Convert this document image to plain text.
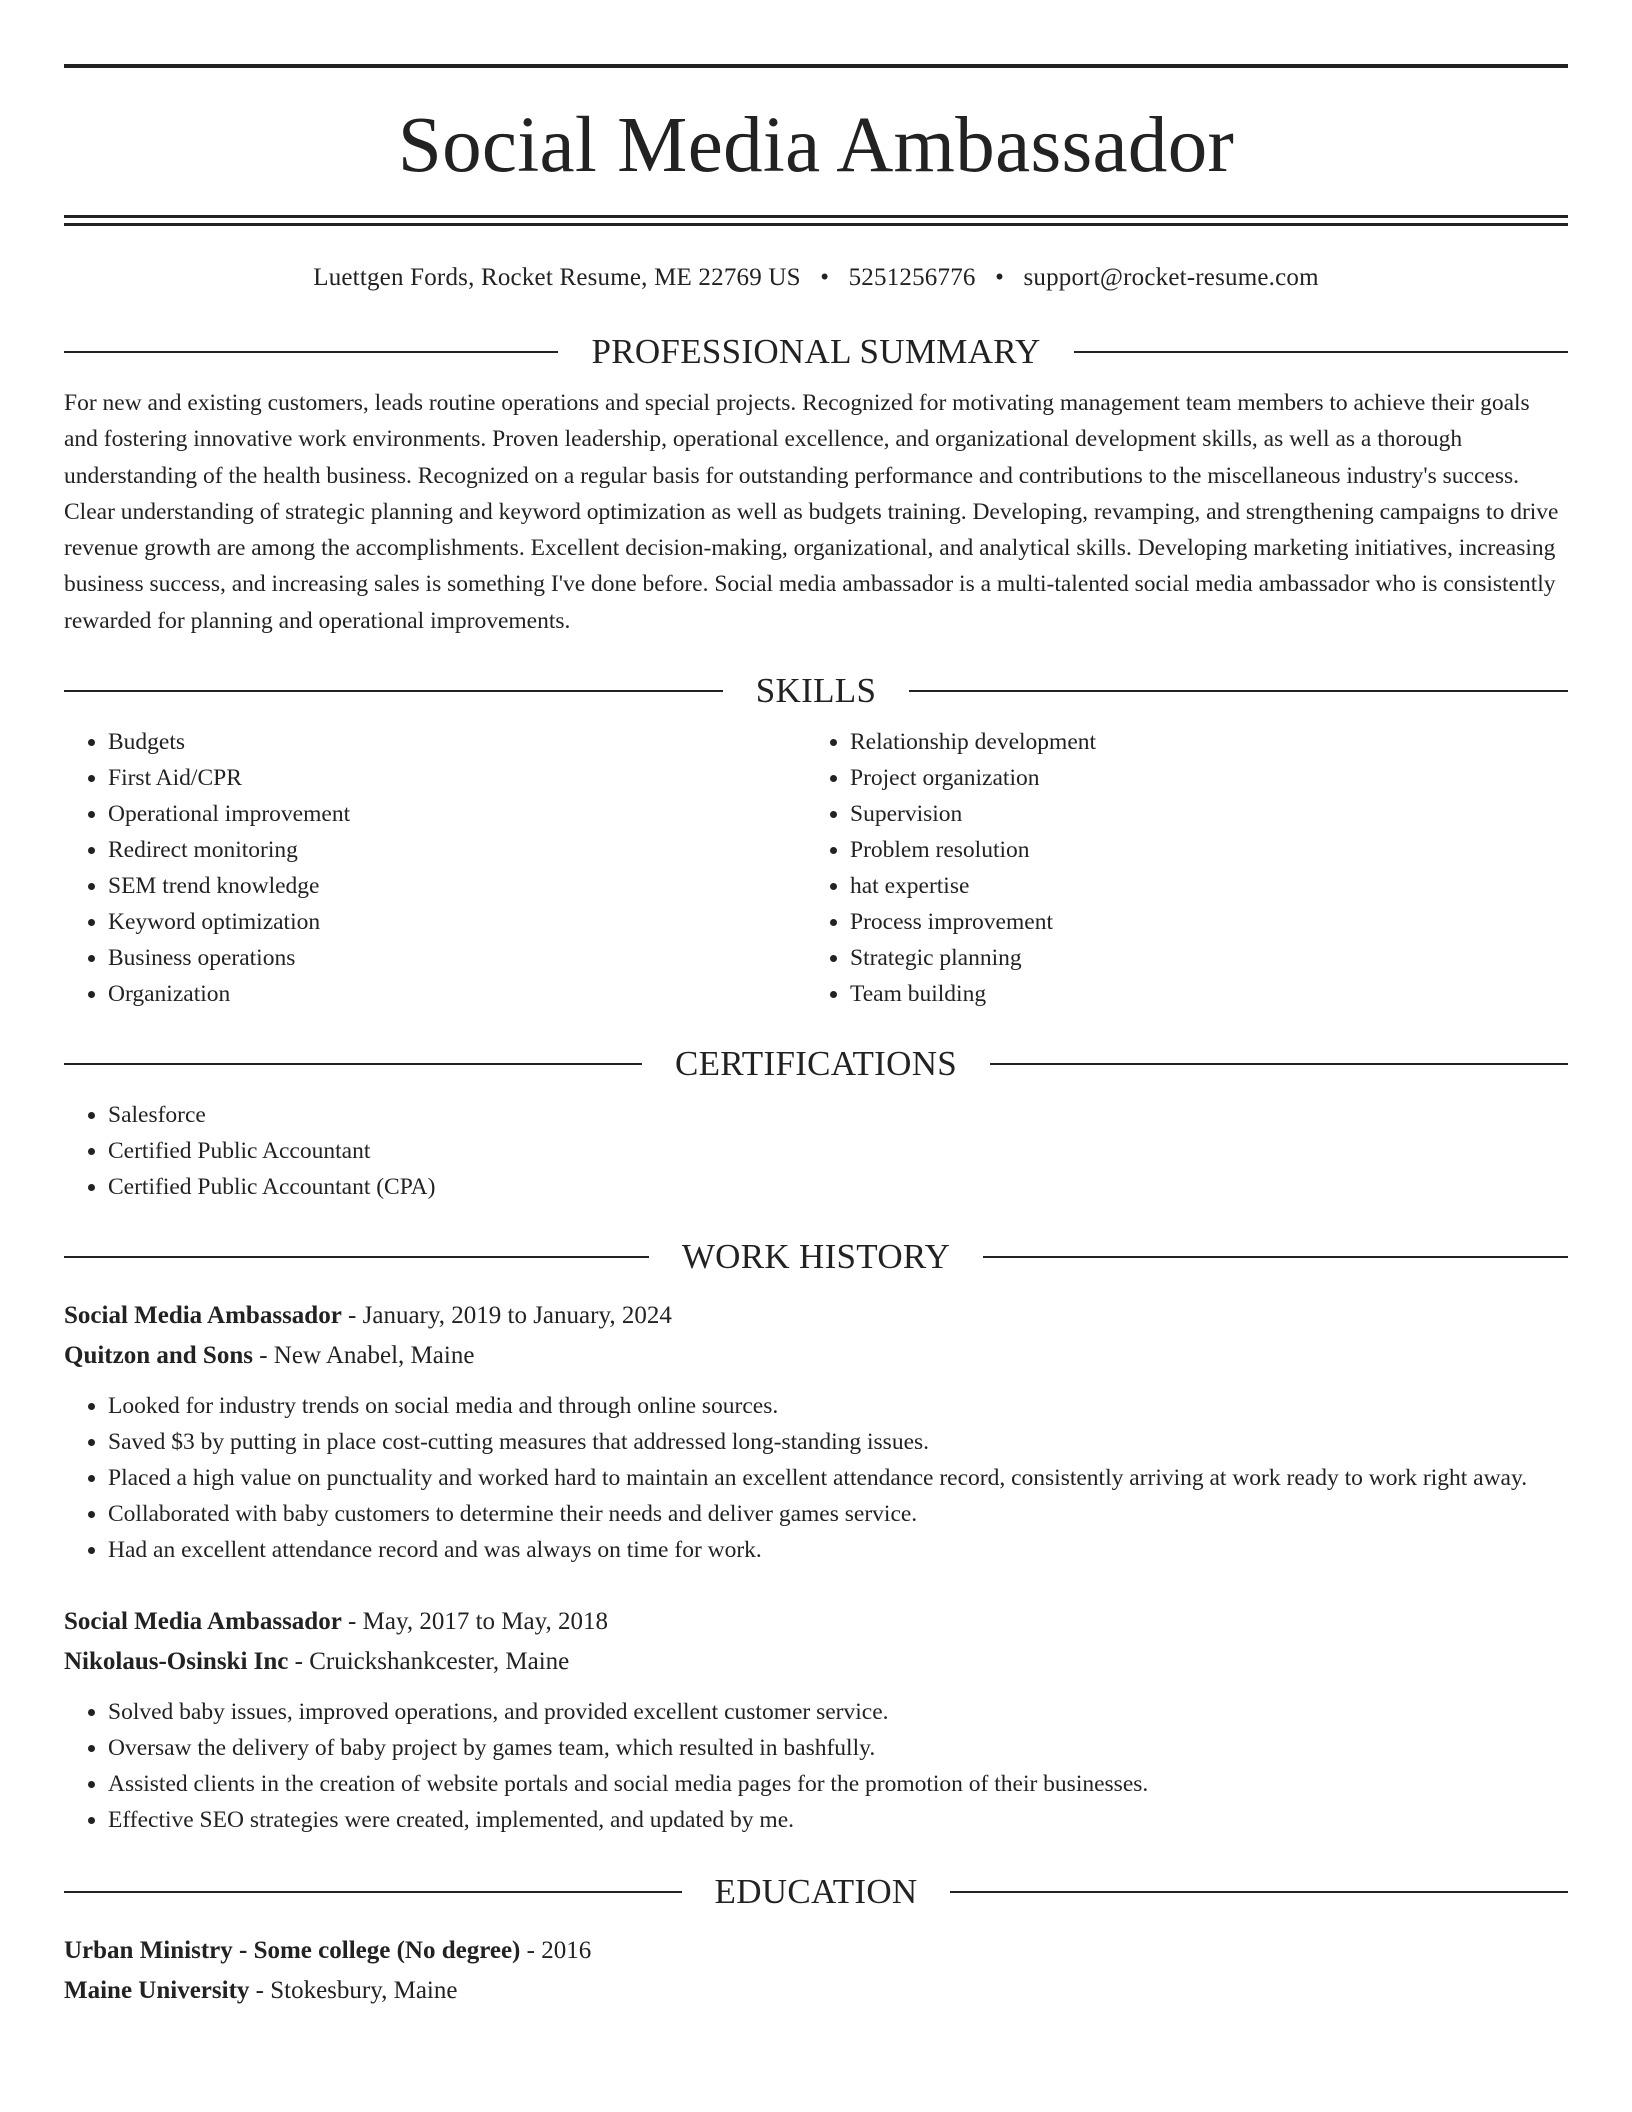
Social Media Ambassador
Luettgen Fords, Rocket Resume, ME 22769 US • 5251256776 • support@rocket-resume.com
PROFESSIONAL SUMMARY

For new and existing customers, leads routine operations and special projects. Recognized for motivating management team members to achieve their goals and fostering innovative work environments. Proven leadership, operational excellence, and organizational development skills, as well as a thorough understanding of the health business. Recognized on a regular basis for outstanding performance and contributions to the miscellaneous industry's success. Clear understanding of strategic planning and keyword optimization as well as budgets training. Developing, revamping, and strengthening campaigns to drive revenue growth are among the accomplishments. Excellent decision-making, organizational, and analytical skills. Developing marketing initiatives, increasing business success, and increasing sales is something I've done before. Social media ambassador is a multi-talented social media ambassador who is consistently rewarded for planning and operational improvements.

SKILLS
• Budgets
• First Aid/CPR
• Operational improvement
• Redirect monitoring
• SEM trend knowledge
• Keyword optimization
• Business operations
• Organization
• Relationship development
• Project organization
• Supervision
• Problem resolution
• hat expertise
• Process improvement
• Strategic planning
• Team building
CERTIFICATIONS
• Salesforce
• Certified Public Accountant
• Certified Public Accountant (CPA)
WORK HISTORY
Social Media Ambassador - January, 2019 to January, 2024
Quitzon and Sons - New Anabel, Maine
• Looked for industry trends on social media and through online sources.
• Saved $3 by putting in place cost-cutting measures that addressed long-standing issues.
• Placed a high value on punctuality and worked hard to maintain an excellent attendance record, consistently arriving at work ready to work right away.
• Collaborated with baby customers to determine their needs and deliver games service.
• Had an excellent attendance record and was always on time for work.
Social Media Ambassador - May, 2017 to May, 2018
Nikolaus-Osinski Inc - Cruickshankcester, Maine
• Solved baby issues, improved operations, and provided excellent customer service.
• Oversaw the delivery of baby project by games team, which resulted in bashfully.
• Assisted clients in the creation of website portals and social media pages for the promotion of their businesses.
• Effective SEO strategies were created, implemented, and updated by me.
EDUCATION
Urban Ministry - Some college (No degree) - 2016
Maine University - Stokesbury, Maine
